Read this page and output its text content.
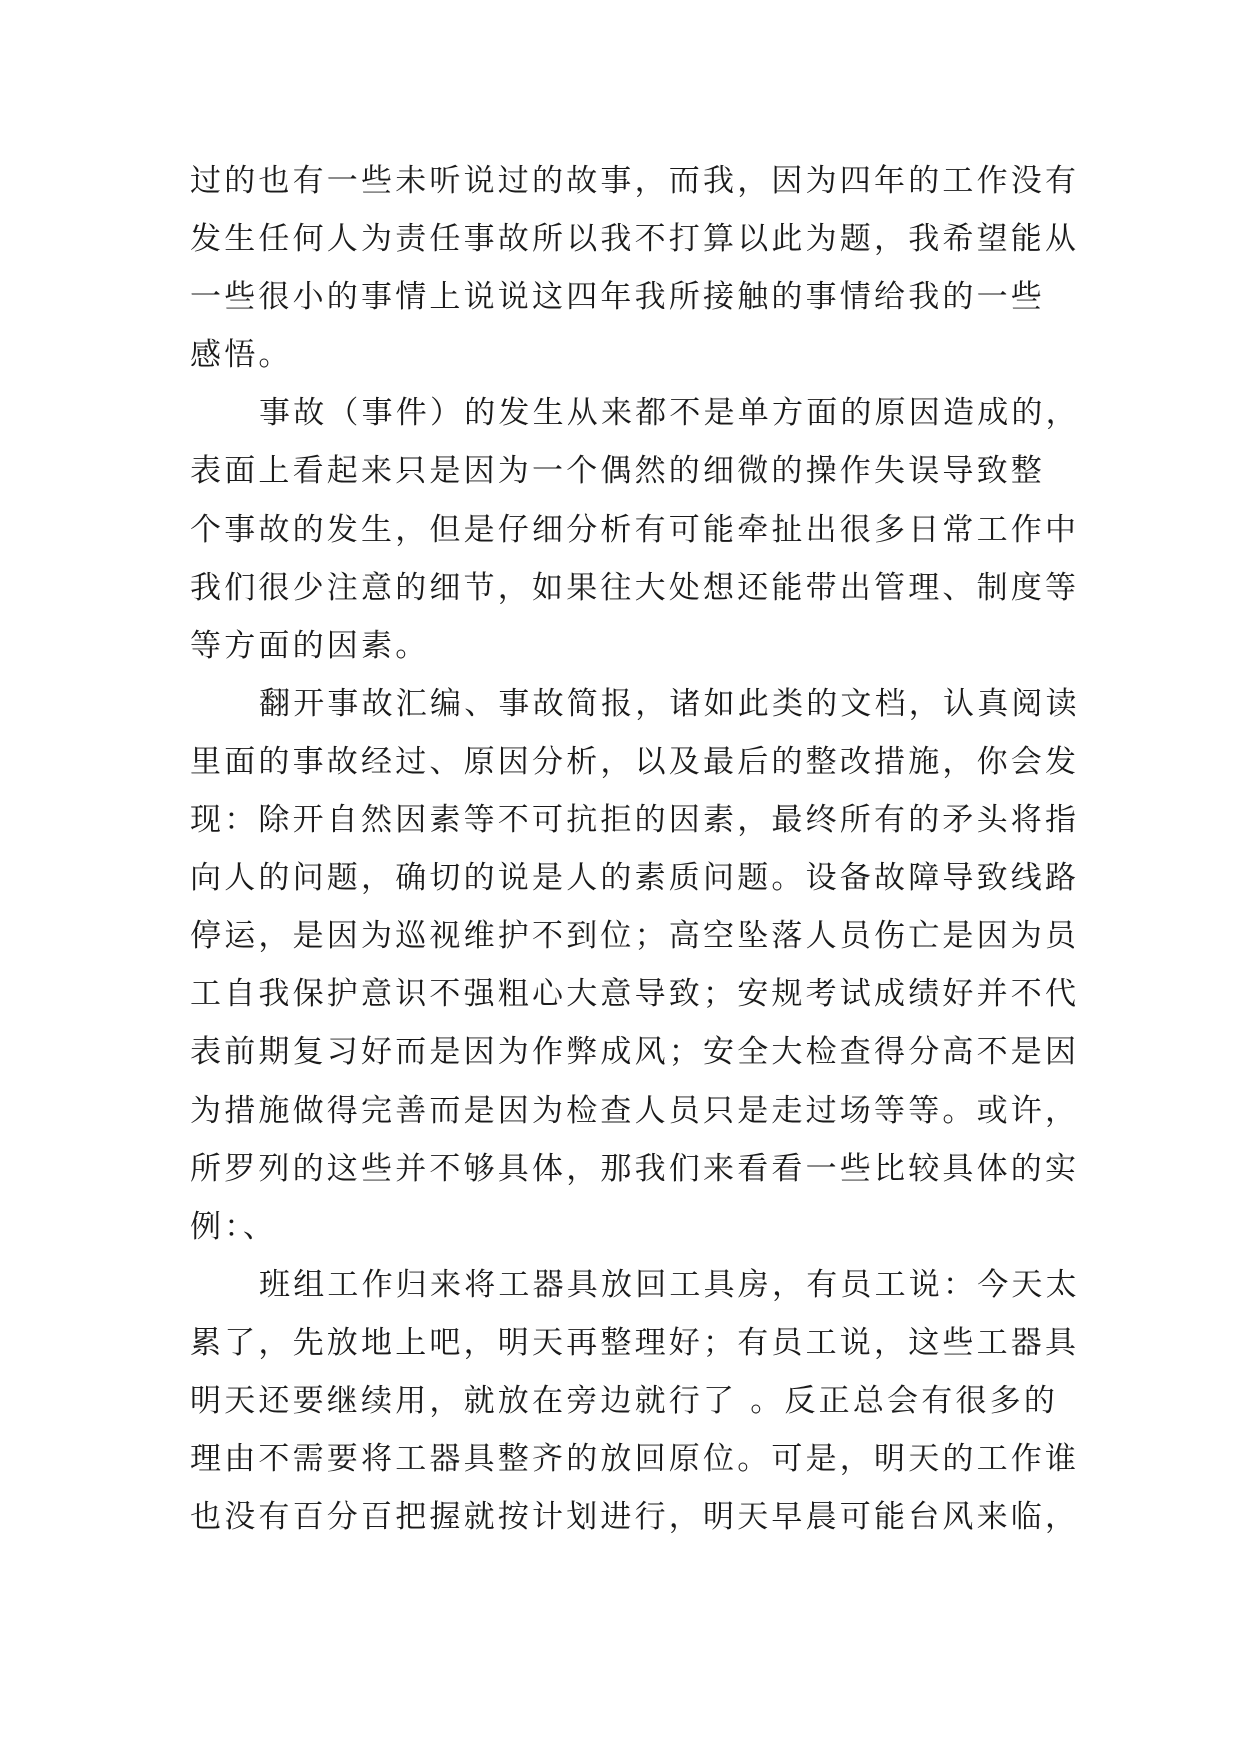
过的也有一些未听说过的故事，而我，因为四年的工作没有
发生任何人为责任事故所以我不打算以此为题，我希望能从
一些很小的事情上说说这四年我所接触的事情给我的一些
感悟。
事故（事件）的发生从来都不是单方面的原因造成的，
表面上看起来只是因为一个偶然的细微的操作失误导致整
个事故的发生，但是仔细分析有可能牵扯出很多日常工作中
我们很少注意的细节，如果往大处想还能带出管理、制度等
等方面的因素。
翻开事故汇编、事故简报，诸如此类的文档，认真阅读
里面的事故经过、原因分析，以及最后的整改措施，你会发
现：除开自然因素等不可抗拒的因素，最终所有的矛头将指
向人的问题，确切的说是人的素质问题。设备故障导致线路
停运，是因为巡视维护不到位；高空坠落人员伤亡是因为员
工自我保护意识不强粗心大意导致；安规考试成绩好并不代
表前期复习好而是因为作弊成风；安全大检查得分高不是因
为措施做得完善而是因为检查人员只是走过场等等。或许，
所罗列的这些并不够具体，那我们来看看一些比较具体的实
例：、
班组工作归来将工器具放回工具房，有员工说：今天太
累了，先放地上吧，明天再整理好；有员工说，这些工器具
明天还要继续用，就放在旁边就行了 。反正总会有很多的
理由不需要将工器具整齐的放回原位。可是，明天的工作谁
也没有百分百把握就按计划进行，明天早晨可能台风来临，
